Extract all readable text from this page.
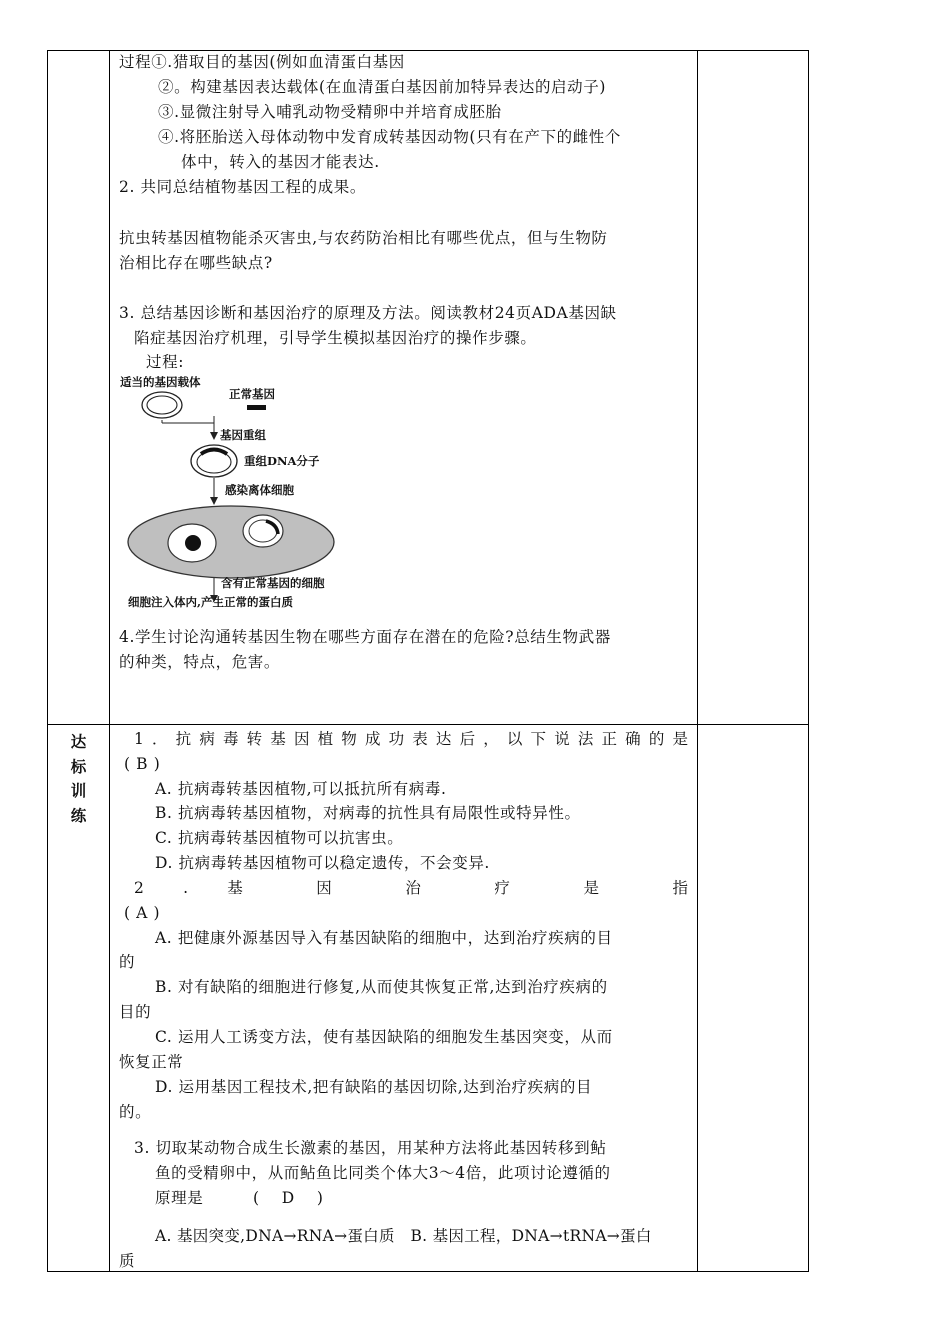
达
标
训
练
过程①.猎取目的基因(例如血清蛋白基因
②。构建基因表达载体(在血清蛋白基因前加特异表达的启动子)
③.显微注射导入哺乳动物受精卵中并培育成胚胎
④.将胚胎送入母体动物中发育成转基因动物(只有在产下的雌性个
体中，转入的基因才能表达.
2. 共同总结植物基因工程的成果。
抗虫转基因植物能杀灭害虫,与农药防治相比有哪些优点，但与生物防
治相比存在哪些缺点?
3. 总结基因诊断和基因治疗的原理及方法。阅读教材24页ADA基因缺
陷症基因治疗机理，引导学生模拟基因治疗的操作步骤。
过程:
适当的基因载体
正常基因
基因重组
重组DNA分子
感染离体细胞
含有正常基因的细胞
细胞注入体内,产生正常的蛋白质
4.学生讨论沟通转基因生物在哪些方面存在潜在的危险?总结生物武器
的种类，特点，危害。
1．抗病毒转基因植物成功表达后，以下说法正确的是
( B )
A. 抗病毒转基因植物,可以抵抗所有病毒.
B. 抗病毒转基因植物，对病毒的抗性具有局限性或特异性。
C. 抗病毒转基因植物可以抗害虫。
D. 抗病毒转基因植物可以稳定遗传，不会变异.
2 . 基 因 治 疗 是 指
( A )
A. 把健康外源基因导入有基因缺陷的细胞中，达到治疗疾病的目
的
B. 对有缺陷的细胞进行修复,从而使其恢复正常,达到治疗疾病的
目的
C. 运用人工诱变方法，使有基因缺陷的细胞发生基因突变，从而
恢复正常
D. 运用基因工程技术,把有缺陷的基因切除,达到治疗疾病的目
的。
3. 切取某动物合成生长激素的基因，用某种方法将此基因转移到鲇
鱼的受精卵中，从而鲇鱼比同类个体大3～4倍，此项讨论遵循的
原理是         (    D    )
A. 基因突变,DNA→RNA→蛋白质   B. 基因工程，DNA→tRNA→蛋白
质
